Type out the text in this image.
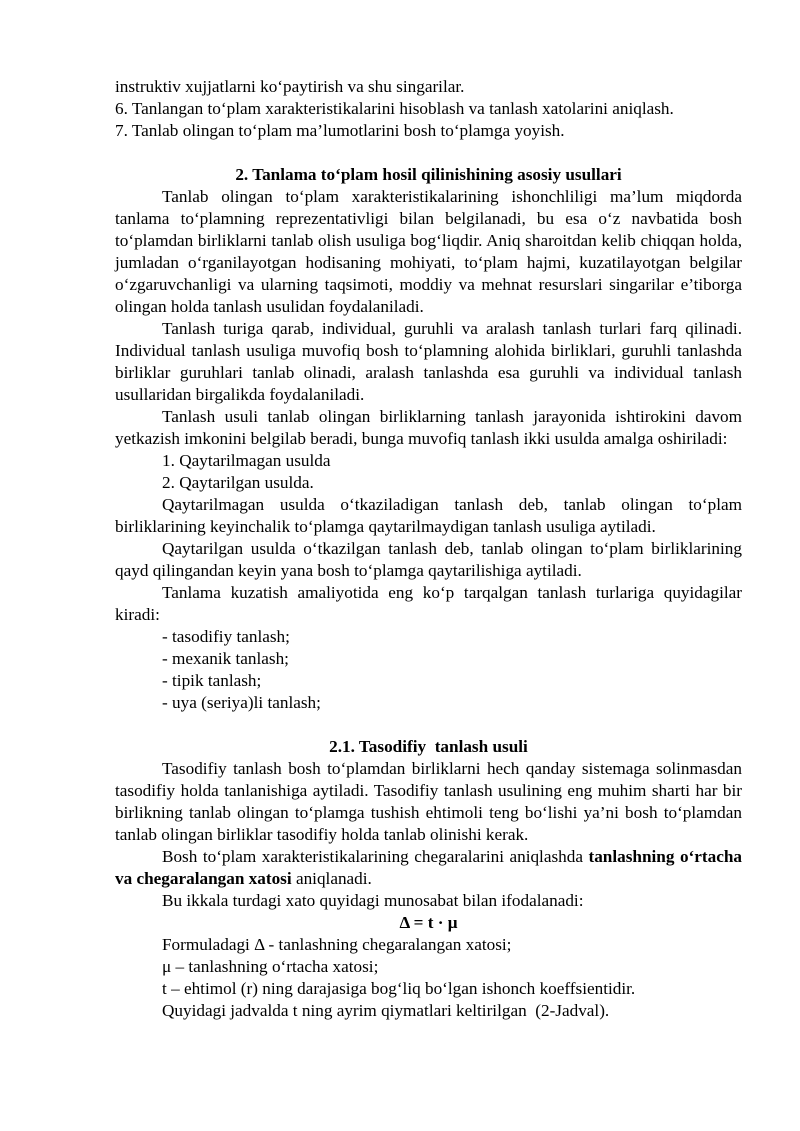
instruktiv xujjatlarni ko‘paytirish va shu singarilar.

6. Tanlangan to‘plam xarakteristikalarini hisoblash va tanlash xatolarini aniqlash.

7. Tanlab olingan to‘plam ma’lumotlarini bosh to‘plamga yoyish.

2. Tanlama to‘plam hosil qilinishining asosiy usullari

Tanlab olingan to‘plam xarakteristikalarining ishonchliligi ma’lum miqdorda tanlama to‘plamning reprezentativligi bilan belgilanadi, bu esa o‘z navbatida bosh to‘plamdan birliklarni tanlab olish usuliga bog‘liqdir. Aniq sharoitdan kelib chiqqan holda, jumladan o‘rganilayotgan hodisaning mohiyati, to‘plam hajmi, kuzatilayotgan belgilar o‘zgaruvchanligi va ularning taqsimoti, moddiy va mehnat resurslari singarilar e’tiborga olingan holda tanlash usulidan foydalaniladi.

Tanlash turiga qarab, individual, guruhli va aralash tanlash turlari farq qilinadi. Individual tanlash usuliga muvofiq bosh to‘plamning alohida birliklari, guruhli tanlashda birliklar guruhlari tanlab olinadi, aralash tanlashda esa guruhli va individual tanlash usullaridan birgalikda foydalaniladi.

Tanlash usuli tanlab olingan birliklarning tanlash jarayonida ishtirokini davom yetkazish imkonini belgilab beradi, bunga muvofiq tanlash ikki usulda amalga oshiriladi:

1. Qaytarilmagan usulda

2. Qaytarilgan usulda.

Qaytarilmagan usulda o‘tkaziladigan tanlash deb, tanlab olingan to‘plam birliklarining keyinchalik to‘plamga qaytarilmaydigan tanlash usuliga aytiladi.

Qaytarilgan usulda o‘tkazilgan tanlash deb, tanlab olingan to‘plam birliklarining qayd qilingandan keyin yana bosh to‘plamga qaytarilishiga aytiladi.

Tanlama kuzatish amaliyotida eng ko‘p tarqalgan tanlash turlariga quyidagilar kiradi:

- tasodifiy tanlash;

- mexanik tanlash;

- tipik tanlash;

- uya (seriya)li tanlash;

2.1. Tasodifiy  tanlash usuli

Tasodifiy tanlash bosh to‘plamdan birliklarni hech qanday sistemaga solinmasdan tasodifiy holda tanlanishiga aytiladi. Tasodifiy tanlash usulining eng muhim sharti har bir birlikning tanlab olingan to‘plamga tushish ehtimoli teng bo‘lishi ya’ni bosh to‘plamdan tanlab olingan birliklar tasodifiy holda tanlab olinishi kerak.

Bosh to‘plam xarakteristikalarining chegaralarini aniqlashda tanlashning o‘rtacha va chegaralangan xatosi aniqlanadi.

Bu ikkala turdagi xato quyidagi munosabat bilan ifodalanadi:

Δ = t · μ

Formuladagi Δ - tanlashning chegaralangan xatosi;

μ – tanlashning o‘rtacha xatosi;

t – ehtimol (r) ning darajasiga bog‘liq bo‘lgan ishonch koeffsientidir.

Quyidagi jadvalda t ning ayrim qiymatlari keltirilgan  (2-Jadval).
